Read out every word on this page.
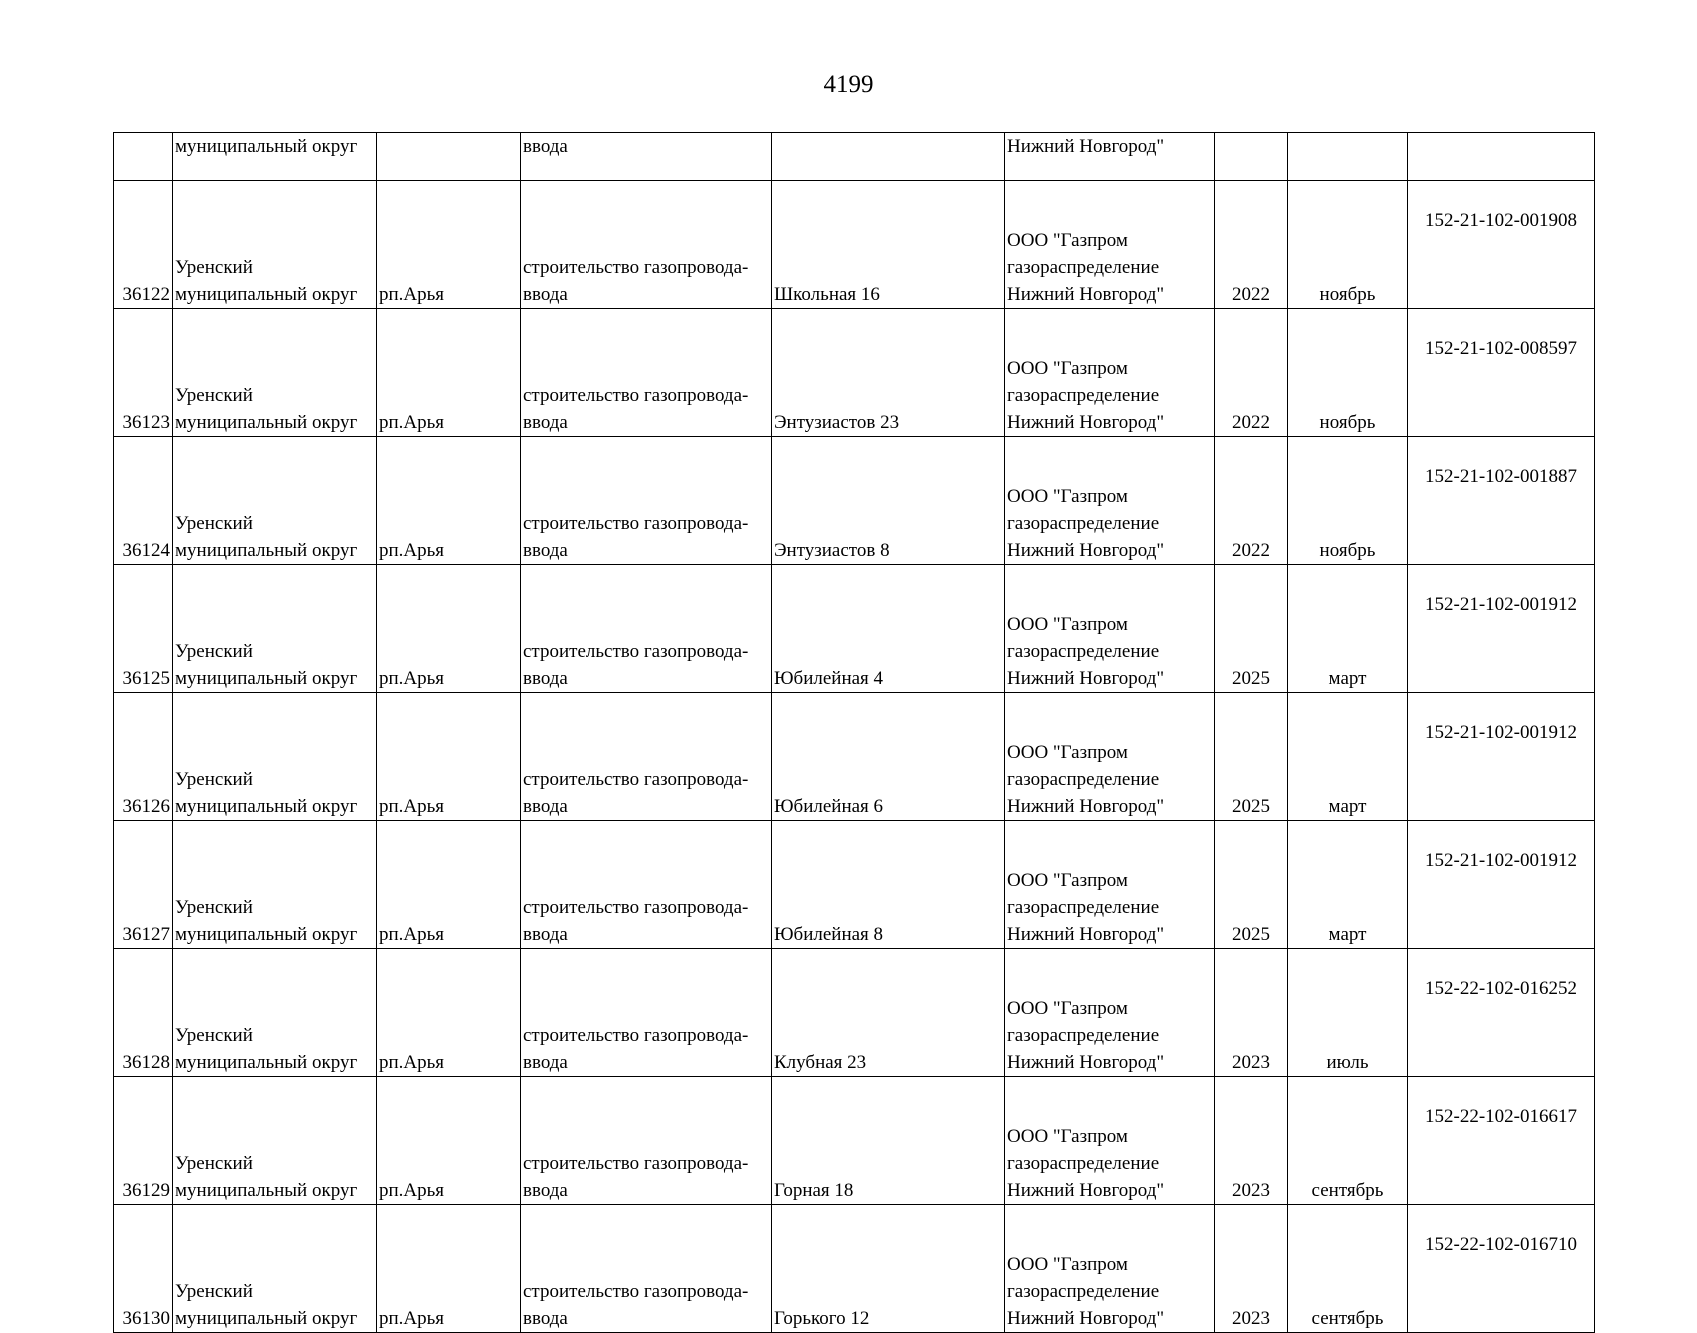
4199
	муниципальный округ		ввода		Нижний Новгород"			

36122	Уренский
муниципальный округ	рп.Арья	строительство газопровода-
ввода	Школьная 16	ООО "Газпром
газораспределение
Нижний Новгород"	2022	ноябрь	152-21-102-001908

36123	Уренский
муниципальный округ	рп.Арья	строительство газопровода-
ввода	Энтузиастов 23	ООО "Газпром
газораспределение
Нижний Новгород"	2022	ноябрь	152-21-102-008597

36124	Уренский
муниципальный округ	рп.Арья	строительство газопровода-
ввода	Энтузиастов 8	ООО "Газпром
газораспределение
Нижний Новгород"	2022	ноябрь	152-21-102-001887

36125	Уренский
муниципальный округ	рп.Арья	строительство газопровода-
ввода	Юбилейная 4	ООО "Газпром
газораспределение
Нижний Новгород"	2025	март	152-21-102-001912

36126	Уренский
муниципальный округ	рп.Арья	строительство газопровода-
ввода	Юбилейная 6	ООО "Газпром
газораспределение
Нижний Новгород"	2025	март	152-21-102-001912

36127	Уренский
муниципальный округ	рп.Арья	строительство газопровода-
ввода	Юбилейная 8	ООО "Газпром
газораспределение
Нижний Новгород"	2025	март	152-21-102-001912

36128	Уренский
муниципальный округ	рп.Арья	строительство газопровода-
ввода	Клубная 23	ООО "Газпром
газораспределение
Нижний Новгород"	2023	июль	152-22-102-016252

36129	Уренский
муниципальный округ	рп.Арья	строительство газопровода-
ввода	Горная 18	ООО "Газпром
газораспределение
Нижний Новгород"	2023	сентябрь	152-22-102-016617

36130	Уренский
муниципальный округ	рп.Арья	строительство газопровода-
ввода	Горького 12	ООО "Газпром
газораспределение
Нижний Новгород"	2023	сентябрь	152-22-102-016710
